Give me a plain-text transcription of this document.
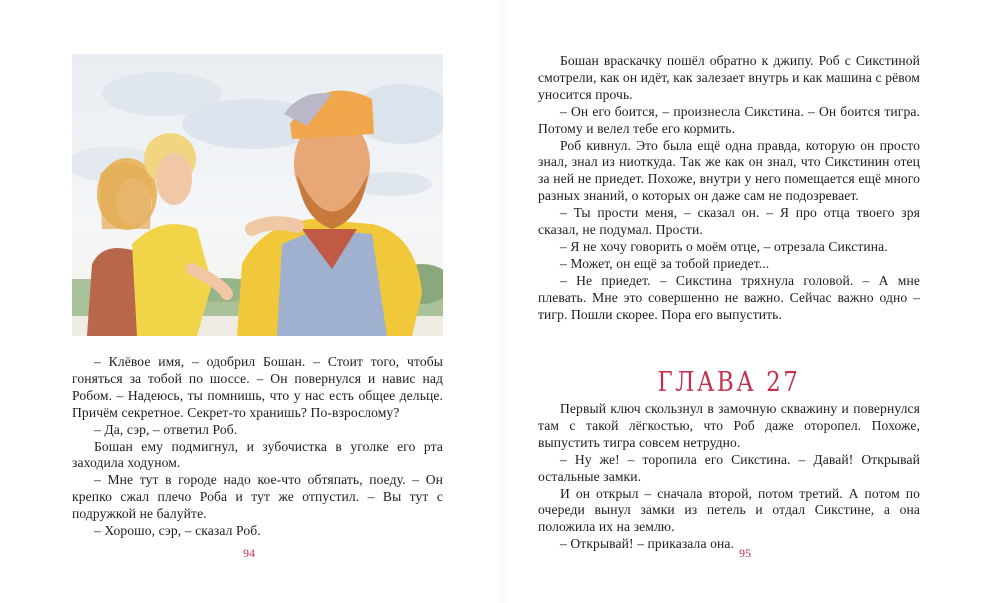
– Клёвое имя, – одобрил Бошан. – Стоит того, чтобы гоняться за тобой по шоссе. – Он повернулся и навис над Робом. – Надеюсь, ты помнишь, что у нас есть общее дельце. Причём секретное. Секрет-то хранишь? По-взрослому?

– Да, сэр, – ответил Роб.

Бошан ему подмигнул, и зубочистка в уголке его рта заходила ходуном.

– Мне тут в городе надо кое-что обтяпать, поеду. – Он крепко сжал плечо Роба и тут же отпустил. – Вы тут с подружкой не балуйте.

– Хорошо, сэр, – сказал Роб.

94

Бошан враскачку пошёл обратно к джипу. Роб с Сикстиной смотрели, как он идёт, как залезает внутрь и как машина с рёвом уносится прочь.

– Он его боится, – произнесла Сикстина. – Он боится тигра. Потому и велел тебе его кормить.

Роб кивнул. Это была ещё одна правда, которую он просто знал, знал из ниоткуда. Так же как он знал, что Сикстинин отец за ней не приедет. Похоже, внутри у него помещается ещё много разных знаний, о которых он даже сам не подозревает.

– Ты прости меня, – сказал он. – Я про отца твоего зря сказал, не подумал. Прости.

– Я не хочу говорить о моём отце, – отрезала Сикстина.

– Может, он ещё за тобой приедет...

– Не приедет. – Сикстина тряхнула головой. – А мне плевать. Мне это совершенно не важно. Сейчас важно одно – тигр. Пошли скорее. Пора его выпустить.

ГЛАВА 27

Первый ключ скользнул в замочную скважину и повернулся там с такой лёгкостью, что Роб даже оторопел. Похоже, выпустить тигра совсем нетрудно.

– Ну же! – торопила его Сикстина. – Давай! Открывай остальные замки.

И он открыл – сначала второй, потом третий. А потом по очереди вынул замки из петель и отдал Сикстине, а она положила их на землю.

– Открывай! – приказала она.

95
